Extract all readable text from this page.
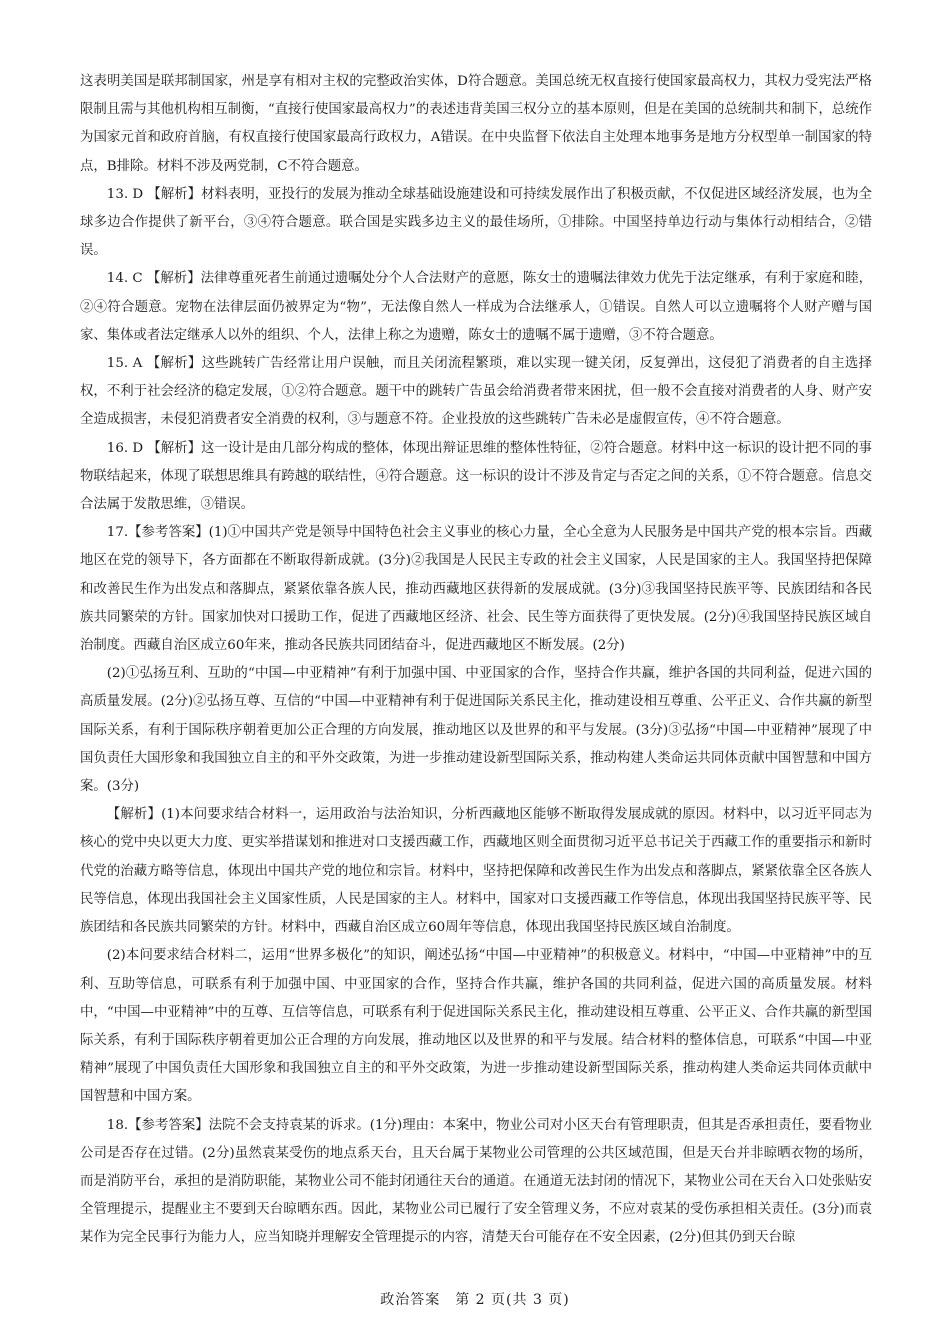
这表明美国是联邦制国家，州是享有相对主权的完整政治实体，D符合题意。美国总统无权直接行使国家最高权力，其权力受宪法严格限制且需与其他机构相互制衡，“直接行使国家最高权力”的表述违背美国三权分立的基本原则，但是在美国的总统制共和制下，总统作为国家元首和政府首脑，有权直接行使国家最高行政权力，A错误。在中央监督下依法自主处理本地事务是地方分权型单一制国家的特点，B排除。材料不涉及两党制，C不符合题意。

13. D 【解析】材料表明，亚投行的发展为推动全球基础设施建设和可持续发展作出了积极贡献，不仅促进区域经济发展，也为全球多边合作提供了新平台，③④符合题意。联合国是实践多边主义的最佳场所，①排除。中国坚持单边行动与集体行动相结合，②错误。

14. C 【解析】法律尊重死者生前通过遗嘱处分个人合法财产的意愿，陈女士的遗嘱法律效力优先于法定继承，有利于家庭和睦，②④符合题意。宠物在法律层面仍被界定为“物”，无法像自然人一样成为合法继承人，①错误。自然人可以立遗嘱将个人财产赠与国家、集体或者法定继承人以外的组织、个人，法律上称之为遗赠，陈女士的遗嘱不属于遗赠，③不符合题意。

15. A 【解析】这些跳转广告经常让用户误触，而且关闭流程繁琐，难以实现一键关闭，反复弹出，这侵犯了消费者的自主选择权，不利于社会经济的稳定发展，①②符合题意。题干中的跳转广告虽会给消费者带来困扰，但一般不会直接对消费者的人身、财产安全造成损害，未侵犯消费者安全消费的权利，③与题意不符。企业投放的这些跳转广告未必是虚假宣传，④不符合题意。

16. D 【解析】这一设计是由几部分构成的整体，体现出辩证思维的整体性特征，②符合题意。材料中这一标识的设计把不同的事物联结起来，体现了联想思维具有跨越的联结性，④符合题意。这一标识的设计不涉及肯定与否定之间的关系，①不符合题意。信息交合法属于发散思维，③错误。

17.【参考答案】(1)①中国共产党是领导中国特色社会主义事业的核心力量，全心全意为人民服务是中国共产党的根本宗旨。西藏地区在党的领导下，各方面都在不断取得新成就。(3分)②我国是人民民主专政的社会主义国家，人民是国家的主人。我国坚持把保障和改善民生作为出发点和落脚点，紧紧依靠各族人民，推动西藏地区获得新的发展成就。(3分)③我国坚持民族平等、民族团结和各民族共同繁荣的方针。国家加快对口援助工作，促进了西藏地区经济、社会、民生等方面获得了更快发展。(2分)④我国坚持民族区域自治制度。西藏自治区成立60年来，推动各民族共同团结奋斗，促进西藏地区不断发展。(2分)

(2)①弘扬互利、互助的“中国—中亚精神”有利于加强中国、中亚国家的合作，坚持合作共赢，维护各国的共同利益，促进六国的高质量发展。(2分)②弘扬互尊、互信的“中国—中亚精神有利于促进国际关系民主化，推动建设相互尊重、公平正义、合作共赢的新型国际关系，有利于国际秩序朝着更加公正合理的方向发展，推动地区以及世界的和平与发展。(3分)③弘扬“中国—中亚精神”展现了中国负责任大国形象和我国独立自主的和平外交政策，为进一步推动建设新型国际关系，推动构建人类命运共同体贡献中国智慧和中国方案。(3分)

【解析】(1)本问要求结合材料一，运用政治与法治知识，分析西藏地区能够不断取得发展成就的原因。材料中，以习近平同志为核心的党中央以更大力度、更实举措谋划和推进对口支援西藏工作，西藏地区则全面贯彻习近平总书记关于西藏工作的重要指示和新时代党的治藏方略等信息，体现出中国共产党的地位和宗旨。材料中，坚持把保障和改善民生作为出发点和落脚点，紧紧依靠全区各族人民等信息，体现出我国社会主义国家性质，人民是国家的主人。材料中，国家对口支援西藏工作等信息，体现出我国坚持民族平等、民族团结和各民族共同繁荣的方针。材料中，西藏自治区成立60周年等信息，体现出我国坚持民族区域自治制度。

(2)本问要求结合材料二，运用“世界多极化”的知识，阐述弘扬“中国—中亚精神”的积极意义。材料中，“中国—中亚精神”中的互利、互助等信息，可联系有利于加强中国、中亚国家的合作，坚持合作共赢，维护各国的共同利益，促进六国的高质量发展。材料中，“中国—中亚精神”中的互尊、互信等信息，可联系有利于促进国际关系民主化，推动建设相互尊重、公平正义、合作共赢的新型国际关系，有利于国际秩序朝着更加公正合理的方向发展，推动地区以及世界的和平与发展。结合材料的整体信息，可联系“中国—中亚精神”展现了中国负责任大国形象和我国独立自主的和平外交政策，为进一步推动建设新型国际关系，推动构建人类命运共同体贡献中国智慧和中国方案。

18.【参考答案】法院不会支持袁某的诉求。(1分)理由：本案中，物业公司对小区天台有管理职责，但其是否承担责任，要看物业公司是否存在过错。(2分)虽然袁某受伤的地点系天台，且天台属于某物业公司管理的公共区域范围，但是天台并非晾晒衣物的场所，而是消防平台，承担的是消防职能，某物业公司不能封闭通往天台的通道。在通道无法封闭的情况下，某物业公司在天台入口处张贴安全管理提示，提醒业主不要到天台晾晒东西。因此，某物业公司已履行了安全管理义务，不应对袁某的受伤承担相关责任。(3分)而袁某作为完全民事行为能力人，应当知晓并理解安全管理提示的内容，清楚天台可能存在不安全因素，(2分)但其仍到天台晾

政治答案　第 2 页(共 3 页)
